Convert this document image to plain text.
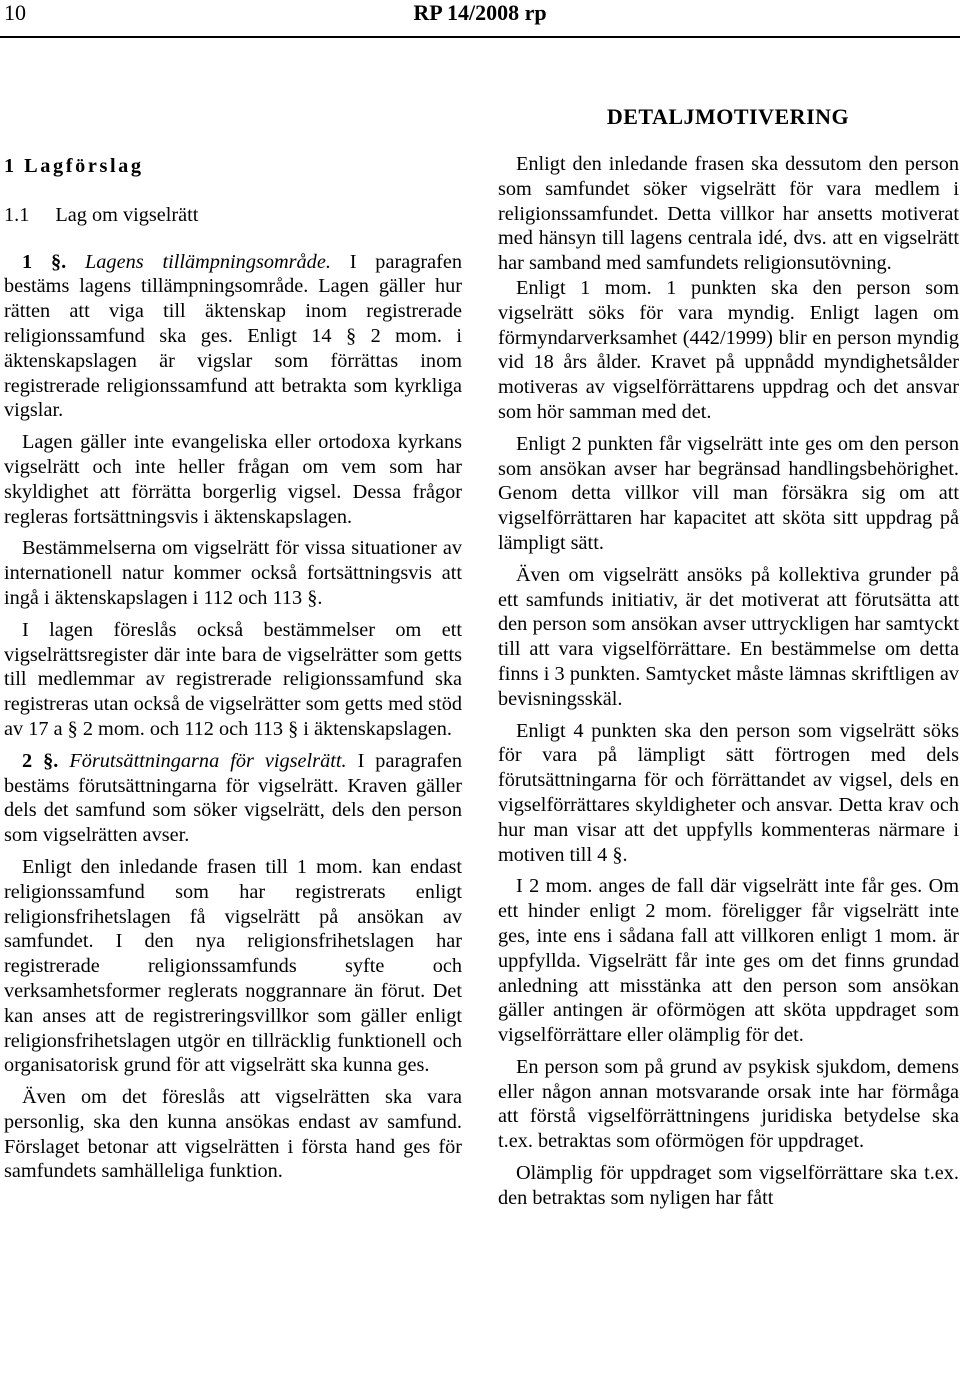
10	RP 14/2008 rp
DETALJMOTIVERING

1 Lagförslag

1.1 Lag om vigselrätt

1 §. Lagens tillämpningsområde. I paragrafen bestäms lagens tillämpningsområde. Lagen gäller hur rätten att viga till äktenskap inom registrerade religionssamfund ska ges. Enligt 14 § 2 mom. i äktenskapslagen är vigslar som förrättas inom registrerade religionssamfund att betrakta som kyrkliga vigslar.

Lagen gäller inte evangeliska eller ortodoxa kyrkans vigselrätt och inte heller frågan om vem som har skyldighet att förrätta borgerlig vigsel. Dessa frågor regleras fortsättningsvis i äktenskapslagen.

Bestämmelserna om vigselrätt för vissa situationer av internationell natur kommer också fortsättningsvis att ingå i äktenskapslagen i 112 och 113 §.

I lagen föreslås också bestämmelser om ett vigselrättsregister där inte bara de vigselrätter som getts till medlemmar av registrerade religionssamfund ska registreras utan också de vigselrätter som getts med stöd av 17 a § 2 mom. och 112 och 113 § i äktenskapslagen.

2 §. Förutsättningarna för vigselrätt. I paragrafen bestäms förutsättningarna för vigselrätt. Kraven gäller dels det samfund som söker vigselrätt, dels den person som vigselrätten avser.

Enligt den inledande frasen till 1 mom. kan endast religionssamfund som har registrerats enligt religionsfrihetslagen få vigselrätt på ansökan av samfundet. I den nya religionsfrihetslagen har registrerade religionssamfunds syfte och verksamhetsformer reglerats noggrannare än förut. Det kan anses att de registreringsvillkor som gäller enligt religionsfrihetslagen utgör en tillräcklig funktionell och organisatorisk grund för att vigselrätt ska kunna ges.

Även om det föreslås att vigselrätten ska vara personlig, ska den kunna ansökas endast av samfund. Förslaget betonar att vigselrätten i första hand ges för samfundets samhälleliga funktion.

Enligt den inledande frasen ska dessutom den person som samfundet söker vigselrätt för vara medlem i religionssamfundet. Detta villkor har ansetts motiverat med hänsyn till lagens centrala idé, dvs. att en vigselrätt har samband med samfundets religionsutövning.

Enligt 1 mom. 1 punkten ska den person som vigselrätt söks för vara myndig. Enligt lagen om förmyndarverksamhet (442/1999) blir en person myndig vid 18 års ålder. Kravet på uppnådd myndighetsålder motiveras av vigselförrättarens uppdrag och det ansvar som hör samman med det.

Enligt 2 punkten får vigselrätt inte ges om den person som ansökan avser har begränsad handlingsbehörighet. Genom detta villkor vill man försäkra sig om att vigselförrättaren har kapacitet att sköta sitt uppdrag på lämpligt sätt.

Även om vigselrätt ansöks på kollektiva grunder på ett samfunds initiativ, är det motiverat att förutsätta att den person som ansökan avser uttryckligen har samtyckt till att vara vigselförrättare. En bestämmelse om detta finns i 3 punkten. Samtycket måste lämnas skriftligen av bevisningsskäl.

Enligt 4 punkten ska den person som vigselrätt söks för vara på lämpligt sätt förtrogen med dels förutsättningarna för och förrättandet av vigsel, dels en vigselförrättares skyldigheter och ansvar. Detta krav och hur man visar att det uppfylls kommenteras närmare i motiven till 4 §.

I 2 mom. anges de fall där vigselrätt inte får ges. Om ett hinder enligt 2 mom. föreligger får vigselrätt inte ges, inte ens i sådana fall att villkoren enligt 1 mom. är uppfyllda. Vigselrätt får inte ges om det finns grundad anledning att misstänka att den person som ansökan gäller antingen är oförmögen att sköta uppdraget som vigselförrättare eller olämplig för det.

En person som på grund av psykisk sjukdom, demens eller någon annan motsvarande orsak inte har förmåga att förstå vigselförrättningens juridiska betydelse ska t.ex. betraktas som oförmögen för uppdraget.

Olämplig för uppdraget som vigselförrättare ska t.ex. den betraktas som nyligen har fått
